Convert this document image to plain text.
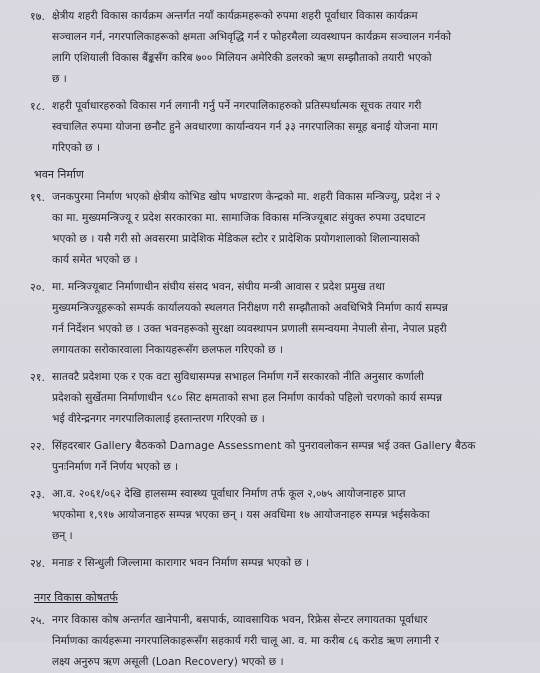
१७. क्षेत्रीय शहरी विकास कार्यक्रम अन्तर्गत नयाँ कार्यक्रमहरूको रुपमा शहरी पूर्वाधार विकास कार्यक्रम
सञ्चालन गर्न, नगरपालिकाहरूको क्षमता अभिवृद्धि गर्न र फोहरमैला व्यवस्थापन कार्यक्रम सञ्चालन गर्नको
लागि एशियाली विकास बैंङ्कसँग करिब ७०० मिलियन अमेरिकी डलरको ऋण सम्झौताको तयारी भएको
छ ।
१८. शहरी पूर्वाधारहरुको विकास गर्न लगानी गर्नु पर्ने नगरपालिकाहरुको प्रतिस्पर्धात्मक सूचक तयार गरी
स्वचालित रुपमा योजना छनौट हुने अवधारणा कार्यान्वयन गर्न ३३ नगरपालिका समूह बनाई योजना माग
गरिएको छ ।
भवन निर्माण
१९. जनकपुरमा निर्माण भएको क्षेत्रीय कोभिड खोप भण्डारण केन्द्रको मा. शहरी विकास मन्त्रिज्यू, प्रदेश नं २
का मा. मुख्यमन्त्रिज्यू र प्रदेश सरकारका मा. सामाजिक विकास मन्त्रिज्यूबाट संयुक्त रुपमा उदघाटन
भएको छ । यसै गरी सो अवसरमा प्रादेशिक मेडिकल स्टोर र प्रादेशिक प्रयोगशालाको शिलान्यासको
कार्य समेत भएको छ ।
२०. मा. मन्त्रिज्यूबाट निर्माणाधीन संघीय संसद भवन, संघीय मन्त्री आवास र प्रदेश प्रमुख तथा
मुख्यमन्त्रिज्यूहरूको सम्पर्क कार्यालयको स्थलगत निरीक्षण गरी सम्झौताको अवधिभित्रै निर्माण कार्य सम्पन्न
गर्न निर्देशन भएको छ । उक्त भवनहरूको सुरक्षा व्यवस्थापन प्रणाली समन्वयमा नेपाली सेना, नेपाल प्रहरी
लगायतका सरोकारवाला निकायहरूसँग छलफल गरिएको छ ।
२१. सातवटै प्रदेशमा एक र एक वटा सुविधासम्पन्न सभाहल निर्माण गर्ने सरकारको नीति अनुसार कर्णाली
प्रदेशको सुर्खेतमा निर्माणाधीन ९८० सिट क्षमताको सभा हल निर्माण कार्यको पहिलो चरणको कार्य सम्पन्न
भई वीरेन्द्रनगर नगरपालिकालाई हस्तान्तरण गरिएको छ ।
२२. सिंहदरबार Gallery बैठककाे Damage Assessment को पुनरावलोकन सम्पन्न भई उक्त Gallery बैठक
पुनःनिर्माण गर्ने निर्णय भएको छ ।
२३. आ.व. २०६१/०६२ देखि हालसम्म स्वास्थ्य पूर्वाधार निर्माण तर्फ कूल २,०७५ आयोजनाहरु प्राप्त
भएकोमा १,९१७ आयोजनाहरु सम्पन्न भएका छन् । यस अवधिमा १७ आयोजनाहरु सम्पन्न भईसकेका
छन् ।
२४. मनाङ र सिन्धुली जिल्लामा कारागार भवन निर्माण सम्पन्न भएको छ ।
नगर विकास कोषतर्फ
२५. नगर विकास कोष अन्तर्गत खानेपानी, बसपार्क, व्यावसायिक भवन, रिफ्रेस सेन्टर लगायतका पूर्वाधार
निर्माणका कार्यहरूमा नगरपालिकाहरूसँग सहकार्य गरी चालू आ. व. मा करीब ८६ करोड ऋण लगानी र
लक्ष्य अनुरुप ऋण असूली (Loan Recovery) भएको छ ।
